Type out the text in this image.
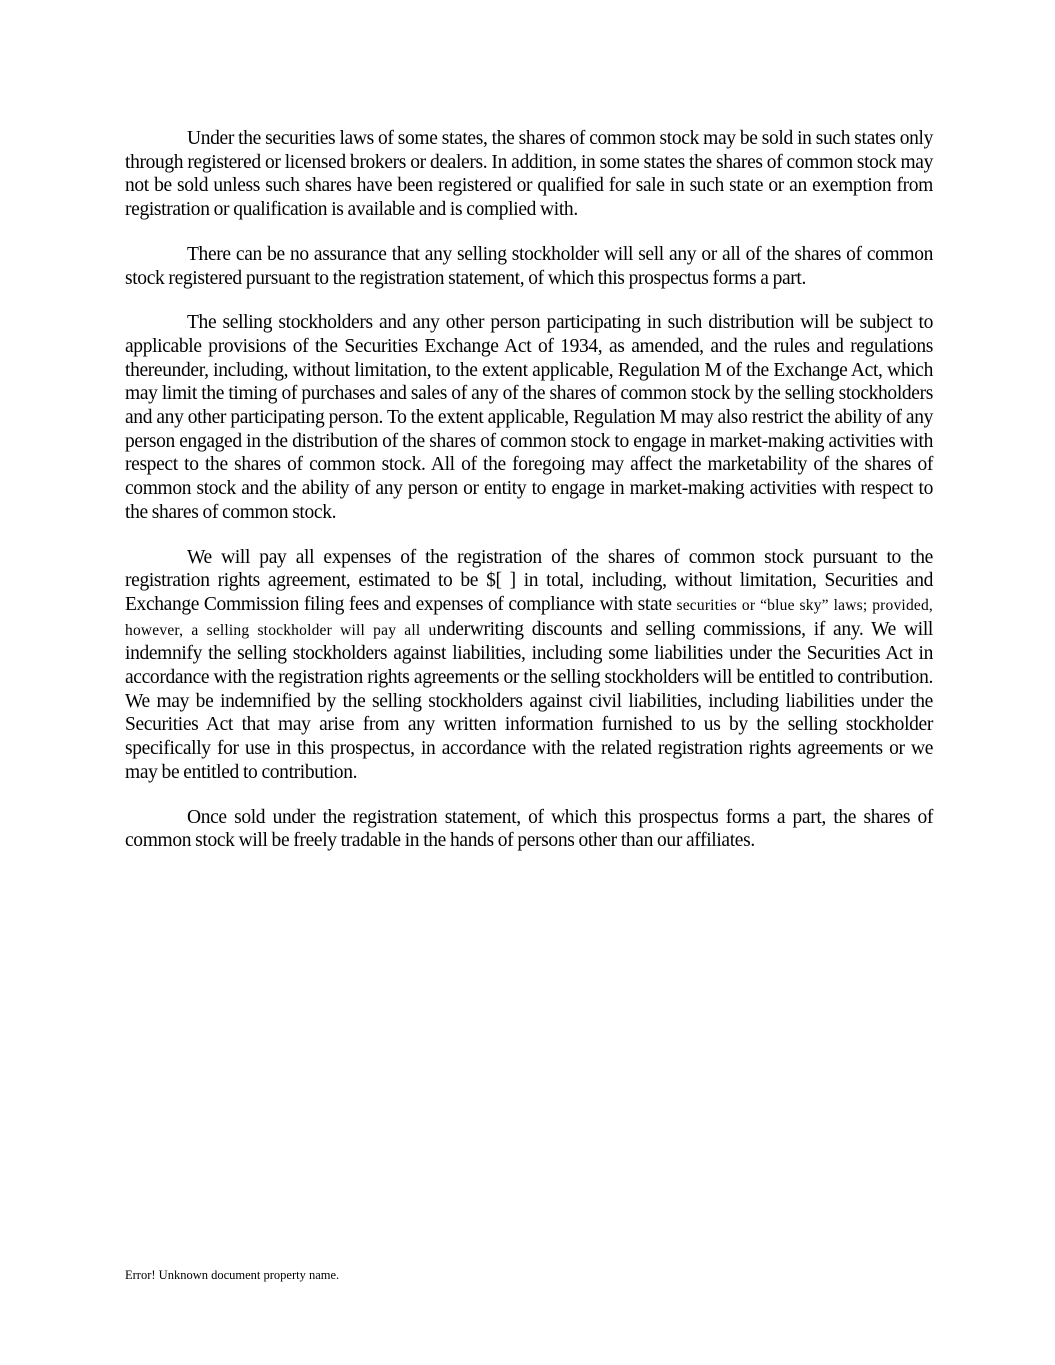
Under the securities laws of some states, the shares of common stock may be sold in such states only through registered or licensed brokers or dealers. In addition, in some states the shares of common stock may not be sold unless such shares have been registered or qualified for sale in such state or an exemption from registration or qualification is available and is complied with.

There can be no assurance that any selling stockholder will sell any or all of the shares of common stock registered pursuant to the registration statement, of which this prospectus forms a part.

The selling stockholders and any other person participating in such distribution will be subject to applicable provisions of the Securities Exchange Act of 1934, as amended, and the rules and regulations thereunder, including, without limitation, to the extent applicable, Regulation M of the Exchange Act, which may limit the timing of purchases and sales of any of the shares of common stock by the selling stockholders and any other participating person. To the extent applicable, Regulation M may also restrict the ability of any person engaged in the distribution of the shares of common stock to engage in market-making activities with respect to the shares of common stock. All of the foregoing may affect the marketability of the shares of common stock and the ability of any person or entity to engage in market-making activities with respect to the shares of common stock.

We will pay all expenses of the registration of the shares of common stock pursuant to the registration rights agreement, estimated to be $[ ] in total, including, without limitation, Securities and Exchange Commission filing fees and expenses of compliance with state securities or “blue sky” laws; provided, however, a selling stockholder will pay all underwriting discounts and selling commissions, if any. We will indemnify the selling stockholders against liabilities, including some liabilities under the Securities Act in accordance with the registration rights agreements or the selling stockholders will be entitled to contribution. We may be indemnified by the selling stockholders against civil liabilities, including liabilities under the Securities Act that may arise from any written information furnished to us by the selling stockholder specifically for use in this prospectus, in accordance with the related registration rights agreements or we may be entitled to contribution.

Once sold under the registration statement, of which this prospectus forms a part, the shares of common stock will be freely tradable in the hands of persons other than our affiliates.

Error! Unknown document property name.
